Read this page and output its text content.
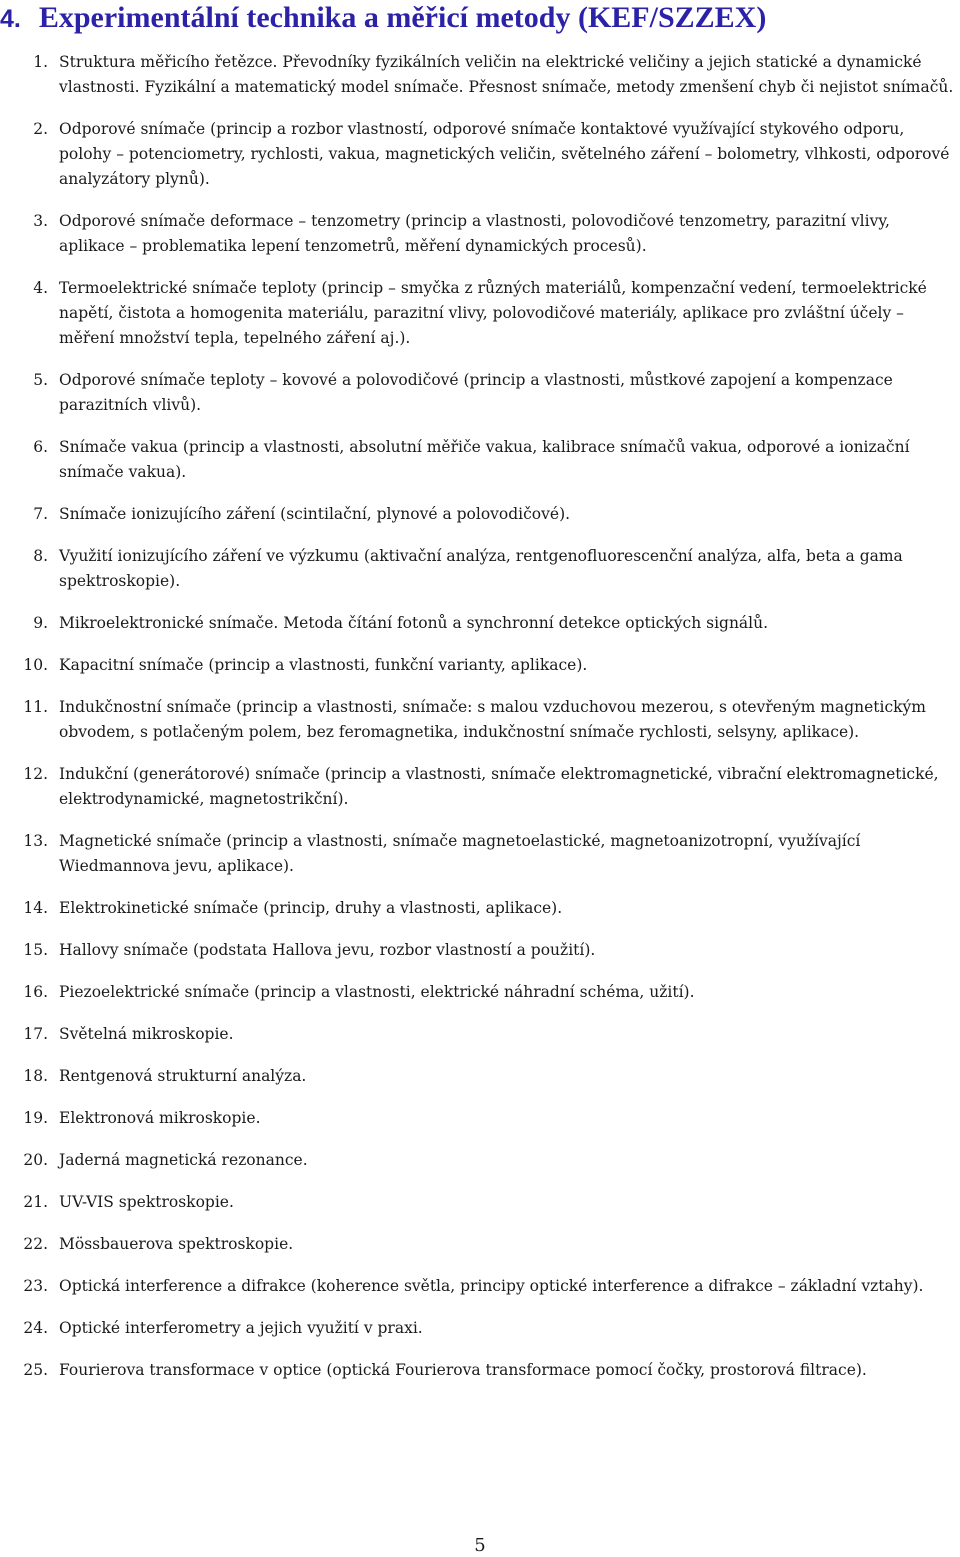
4. Experimentální technika a měřicí metody (KEF/SZZEX)
1. Struktura měřicího řetězce. Převodníky fyzikálních veličin na elektrické veličiny a jejich statické a dynamické vlastnosti. Fyzikální a matematický model snímače. Přesnost snímače, metody zmenšení chyb či nejistot snímačů.
2. Odporové snímače (princip a rozbor vlastností, odporové snímače kontaktové využívající stykového odporu, polohy – potenciometry, rychlosti, vakua, magnetických veličin, světelného záření – bolometry, vlhkosti, odporové analyzátory plynů).
3. Odporové snímače deformace – tenzometry (princip a vlastnosti, polovodičové tenzometry, parazitní vlivy, aplikace – problematika lepení tenzometrů, měření dynamických procesů).
4. Termoelektrické snímače teploty (princip – smyčka z různých materiálů, kompenzační vedení, termoelektrické napětí, čistota a homogenita materiálu, parazitní vlivy, polovodičové materiály, aplikace pro zvláštní účely – měření množství tepla, tepelného záření aj.).
5. Odporové snímače teploty – kovové a polovodičové (princip a vlastnosti, můstkové zapojení a kompenzace parazitních vlivů).
6. Snímače vakua (princip a vlastnosti, absolutní měřiče vakua, kalibrace snímačů vakua, odporové a ionizační snímače vakua).
7. Snímače ionizujícího záření (scintilační, plynové a polovodičové).
8. Využití ionizujícího záření ve výzkumu (aktivační analýza, rentgenofluorescenční analýza, alfa, beta a gama spektroskopie).
9. Mikroelektronické snímače. Metoda čítání fotonů a synchronní detekce optických signálů.
10. Kapacitní snímače (princip a vlastnosti, funkční varianty, aplikace).
11. Indukčnostní snímače (princip a vlastnosti, snímače: s malou vzduchovou mezerou, s otevřeným magnetickým obvodem, s potlačeným polem, bez feromagnetika, indukčnostní snímače rychlosti, selsyny, aplikace).
12. Indukční (generátorové) snímače (princip a vlastnosti, snímače elektromagnetické, vibrační elektromagnetické, elektrodynamické, magnetostrikční).
13. Magnetické snímače (princip a vlastnosti, snímače magnetoelastické, magnetoanizotropní, využívající Wiedmannova jevu, aplikace).
14. Elektrokinetické snímače (princip, druhy a vlastnosti, aplikace).
15. Hallovy snímače (podstata Hallova jevu, rozbor vlastností a použití).
16. Piezoelektrické snímače (princip a vlastnosti, elektrické náhradní schéma, užití).
17. Světelná mikroskopie.
18. Rentgenová strukturní analýza.
19. Elektronová mikroskopie.
20. Jaderná magnetická rezonance.
21. UV-VIS spektroskopie.
22. Mössbauerova spektroskopie.
23. Optická interference a difrakce (koherence světla, principy optické interference a difrakce – základní vztahy).
24. Optické interferometry a jejich využití v praxi.
25. Fourierova transformace v optice (optická Fourierova transformace pomocí čočky, prostorová filtrace).
5
